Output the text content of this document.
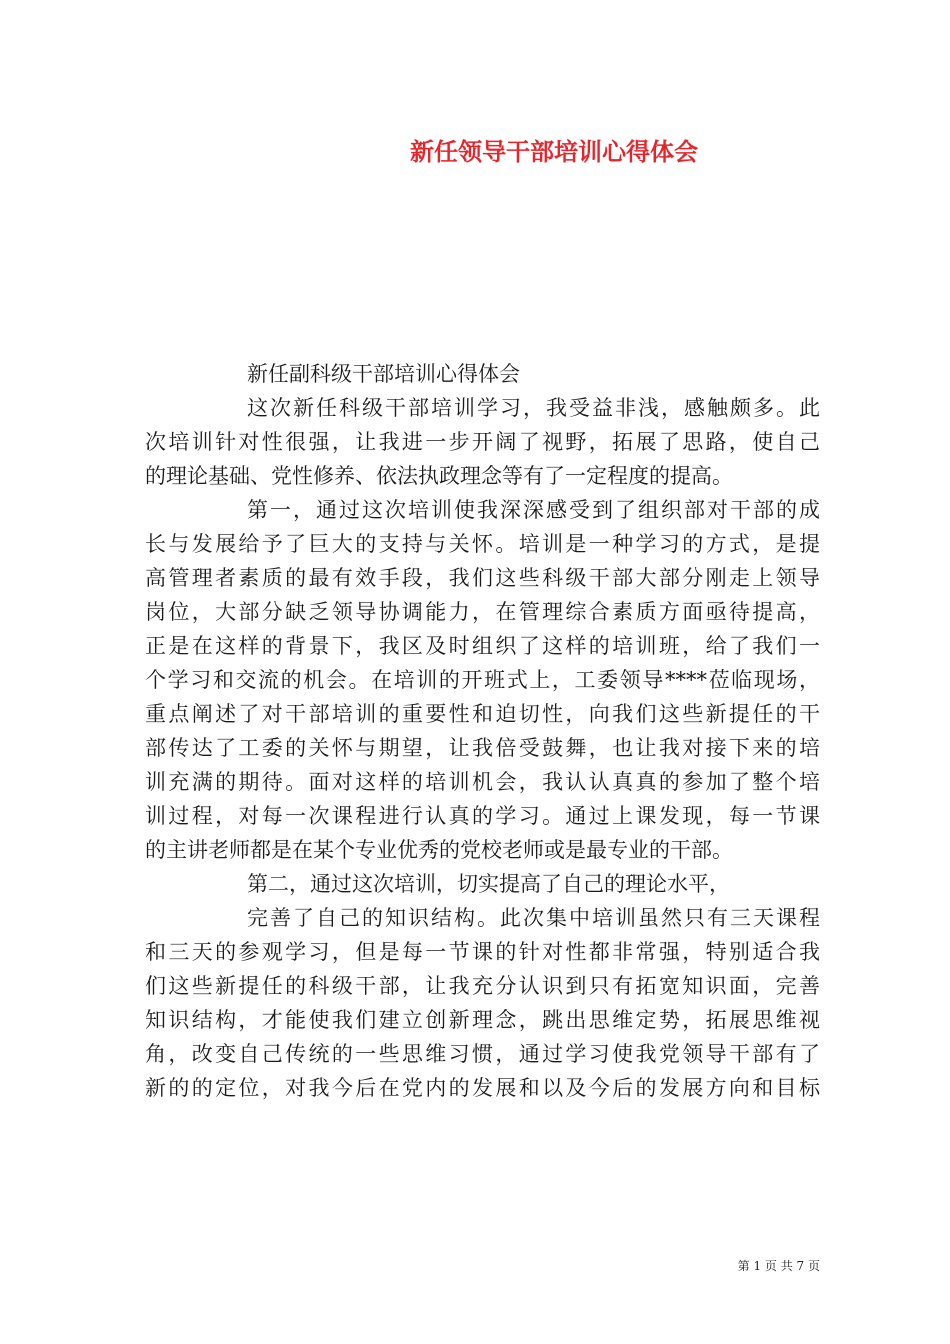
新任领导干部培训心得体会
新任副科级干部培训心得体会
这次新任科级干部培训学习，我受益非浅，感触颇多。此
次培训针对性很强，让我进一步开阔了视野，拓展了思路，使自己
的理论基础、党性修养、依法执政理念等有了一定程度的提高。
第一，通过这次培训使我深深感受到了组织部对干部的成
长与发展给予了巨大的支持与关怀。培训是一种学习的方式，是提
高管理者素质的最有效手段，我们这些科级干部大部分刚走上领导
岗位，大部分缺乏领导协调能力，在管理综合素质方面亟待提高，
正是在这样的背景下，我区及时组织了这样的培训班，给了我们一
个学习和交流的机会。在培训的开班式上，工委领导****莅临现场，
重点阐述了对干部培训的重要性和迫切性，向我们这些新提任的干
部传达了工委的关怀与期望，让我倍受鼓舞，也让我对接下来的培
训充满的期待。面对这样的培训机会，我认认真真的参加了整个培
训过程，对每一次课程进行认真的学习。通过上课发现，每一节课
的主讲老师都是在某个专业优秀的党校老师或是最专业的干部。
第二，通过这次培训，切实提高了自己的理论水平，
完善了自己的知识结构。此次集中培训虽然只有三天课程
和三天的参观学习，但是每一节课的针对性都非常强，特别适合我
们这些新提任的科级干部，让我充分认识到只有拓宽知识面，完善
知识结构，才能使我们建立创新理念，跳出思维定势，拓展思维视
角，改变自己传统的一些思维习惯，通过学习使我党领导干部有了
新的的定位，对我今后在党内的发展和以及今后的发展方向和目标
第 1 页 共 7 页
